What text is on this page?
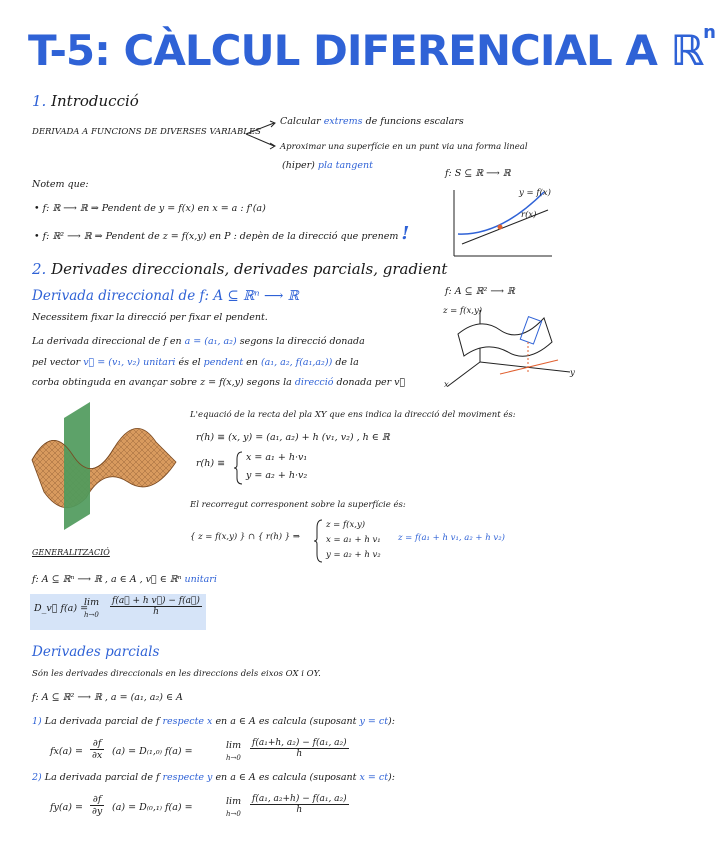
T-5: CÀLCUL DIFERENCIAL A ℝ$^n$
1. Introducció
DERIVADA A FUNCIONS DE DIVERSES VARIABLES
Calcular extrems de funcions escalars
Aproximar una superfície en un punt via una forma lineal
(hiper) pla tangent
Notem que:
• f: ℝ ⟶ ℝ ⇒ Pendent de y = f(x) en x = a : f'(a)
• f: ℝ² ⟶ ℝ ⇒ Pendent de z = f(x,y) en P : depèn de la direcció que prenem !
f: S ⊆ ℝ ⟶ ℝ
y = f(x)
r(x)
2. Derivades direccionals, derivades parcials, gradient
Derivada direccional de f: A ⊆ ℝⁿ ⟶ ℝ	f: A ⊆ ℝ² ⟶ ℝ
z = f(x,y)
x
y
Necessitem fixar la direcció per fixar el pendent.
La derivada direccional de f en a = (a₁, a₂) segons la direcció donada
pel vector v⃗ = (v₁, v₂) unitari és el pendent en (a₁, a₂, f(a₁,a₂)) de la
corba obtinguda en avançar sobre z = f(x,y) segons la direcció donada per v⃗
L'equació de la recta del pla XY que ens indica la direcció del moviment és:
r(h) ≡ (x, y) = (a₁, a₂) + h (v₁, v₂) , h ∈ ℝ
r(h) ≡
x = a₁ + h·v₁
y = a₂ + h·v₂
El recorregut corresponent sobre la superfície és:
{ z = f(x,y) } ∩ { r(h) } ⇒
z = f(x,y)
x = a₁ + h v₁
y = a₂ + h v₂
z = f(a₁ + h v₁, a₂ + h v₂)
GENERALITZACIÓ
f: A ⊆ ℝⁿ ⟶ ℝ , a ∈ A , v⃗ ∈ ℝⁿ unitari
D_v⃗ f(a) =
lim
$h\to 0 \frac{\text{f(a⃗ + h v⃗) − f(a⃗)}}{h}$
Derivades parcials
Són les derivades direccionals en les direccions dels eixos OX i OY.
f: A ⊆ ℝ² ⟶ ℝ , a = (a₁, a₂) ∈ A
1) La derivada parcial de f respecte x en a ∈ A es calcula (suposant y = ct):
$fx(a) = \frac{\partial f}{\partial x} (a) = D_{(1},_{0)}$ f(a) =
lim
$h\to 0 \frac{\text{f(a₁+h, a₂) − f(a₁, a₂)}}{h}$
2) La derivada parcial de f respecte y en a ∈ A es calcula (suposant x = ct):
$fy(a) = \frac{\partial f}{\partial y} (a) = D_{(0},_{1)}$ f(a) =
lim
$h\to 0 \frac{\text{f(a₁, a₂+h) − f(a₁, a₂)}}{h}$
